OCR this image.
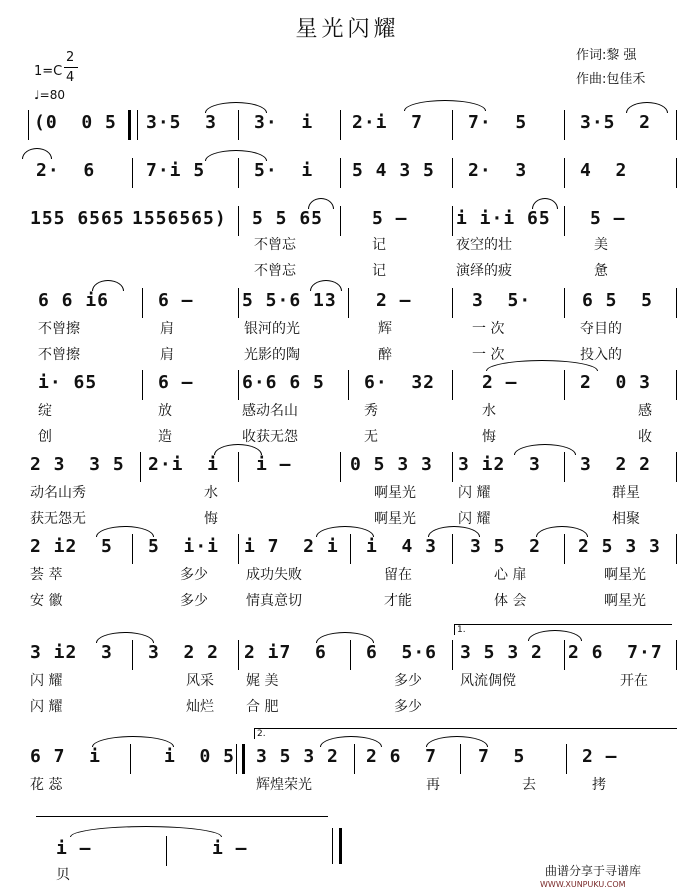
星光闪耀
作词:黎 强
作曲:包佳禾
1=C
2
4
♩=80
(0  0 5 3·5  3 3·  i 2·i  7 7·  5	3·5  2
2·  6	7·i 5	5·  i 5 4 3 5 2·  3	4  2
155 6565 1556565) 5 5 65	5 –	i i·i 65 5 –
不曾忘	记	夜空的壮	美
不曾忘	记	演绎的疲	惫
6 6 i6	6 –	5 5·6 13 2 –	3  5·	6 5  5
不曾擦	肩	银河的光	辉	一 次	夺目的
不曾擦	肩	光影的陶	醉	一 次	投入的
i· 65	6 –	6·6 6 5 6·  32	2 –	2  0 3
绽	放	感动名山	秀	水	感
创	造	收获无怨	无	悔	收
2 3  3 5 2·i  i i –	0 5 3 3 3 i2  3 3  2 2
动名山秀	水	啊星光	闪 耀	群星
获无怨无	悔	啊星光	闪 耀	相聚
2 i2  5 5  i·i i 7  2 i i  4 3 3 5  2 2 5 3 3
荟 萃	多少	成功失败	留在	心 扉	啊星光
安 徽	多少	情真意切	才能	体 会	啊星光
1.
3 i2  3 3  2 2 2 i7  6 6  5·6 3 5 3 2 2 6  7·7
闪 耀	风采 娓 美	多少	风流倜傥	开在
闪 耀	灿烂 合 肥	多少
2.
6 7  i	i  0 5 3 5 3 2 2 6  7 7  5	2 –
花 蕊	辉煌荣光	再	去	拷
i –	i –
贝	曲谱分享于寻谱库
WWW.XUNPUKU.COM
